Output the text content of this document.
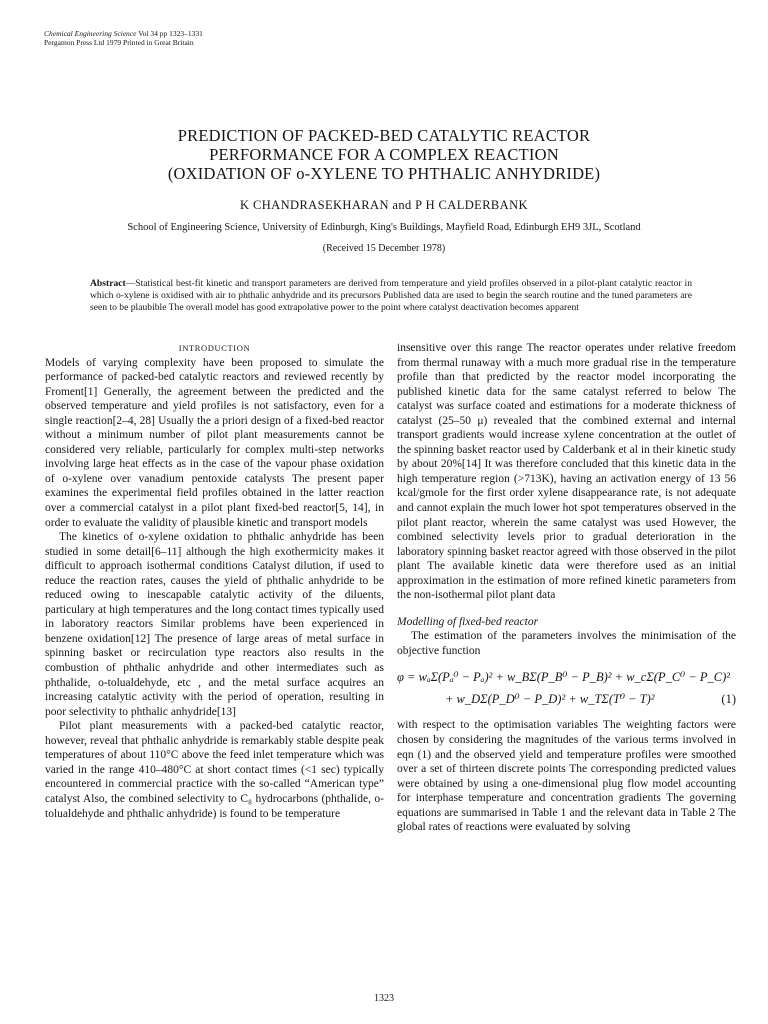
Chemical Engineering Science Vol 34 pp 1323–1331
Pergamon Press Ltd 1979 Printed in Great Britain
PREDICTION OF PACKED-BED CATALYTIC REACTOR
PERFORMANCE FOR A COMPLEX REACTION
(OXIDATION OF o-XYLENE TO PHTHALIC ANHYDRIDE)
K CHANDRASEKHARAN and P H CALDERBANK
School of Engineering Science, University of Edinburgh, King's Buildings, Mayfield Road, Edinburgh EH9 3JL, Scotland
(Received 15 December 1978)
Abstract—Statistical best-fit kinetic and transport parameters are derived from temperature and yield profiles observed in a pilot-plant catalytic reactor in which o-xylene is oxidised with air to phthalic anhydride and its precursors Published data are used to begin the search routine and the tuned parameters are seen to be plaubible The overall model has good extrapolative power to the point where catalyst deactivation becomes apparent

INTRODUCTION

Models of varying complexity have been proposed to simulate the performance of packed-bed catalytic reactors and reviewed recently by Froment[1] Generally, the agreement between the predicted and the observed temperature and yield profiles is not satisfactory, even for a single reaction[2–4, 28] Usually the a priori design of a fixed-bed reactor without a minimum number of pilot plant measurements cannot be considered very reliable, particularly for complex multi-step networks involving large heat effects as in the case of the vapour phase oxidation of o-xylene over vanadium pentoxide catalysts The present paper examines the experimental field profiles obtained in the latter reaction over a commercial catalyst in a pilot plant fixed-bed reactor[5, 14], in order to evaluate the validity of plausible kinetic and transport models

The kinetics of o-xylene oxidation to phthalic anhydride has been studied in some detail[6–11] although the high exothermicity makes it difficult to approach isothermal conditions Catalyst dilution, if used to reduce the reaction rates, causes the yield of phthalic anhydride to be reduced owing to inescapable catalytic activity of the diluents, particulary at high temperatures and the long contact times typically used in laboratory reactors Similar problems have been experienced in benzene oxidation[12] The presence of large areas of metal surface in spinning basket or recirculation type reactors also results in the combustion of phthalic anhydride and other intermediates such as phthalide, o-tolualdehyde, etc , and the metal surface acquires an increasing catalytic activity with the period of operation, resulting in poor selectivity to phthalic anhydride[13]

Pilot plant measurements with a packed-bed catalytic reactor, however, reveal that phthalic anhydride is remarkably stable despite peak temperatures of about 110°C above the feed inlet temperature which was varied in the range 410–480°C at short contact times (<1 sec) typically encountered in commercial practice with the so-called “American type” catalyst Also, the combined selectivity to C₈ hydrocarbons (phthalide, o-tolualdehyde and phthalic anhydride) is found to be temperature

insensitive over this range The reactor operates under relative freedom from thermal runaway with a much more gradual rise in the temperature profile than that predicted by the reactor model incorporating the published kinetic data for the same catalyst referred to below The catalyst was surface coated and estimations for a moderate thickness of catalyst (25–50 μ) revealed that the combined external and internal transport gradients would increase xylene concentration at the outlet of the spinning basket reactor used by Calderbank et al in their kinetic study by about 20%[14] It was therefore concluded that this kinetic data in the high temperature region (>713K), having an activation energy of 13 56 kcal/gmole for the first order xylene disappearance rate, is not adequate and cannot explain the much lower hot spot temperatures observed in the pilot plant reactor, wherein the same catalyst was used However, the combined selectivity levels prior to gradual deterioration in the laboratory spinning basket reactor agreed with those observed in the pilot plant The available kinetic data were therefore used as an initial approximation in the estimation of more refined kinetic parameters from the non-isothermal pilot plant data

Modelling of fixed-bed reactor

The estimation of the parameters involves the minimisation of the objective function

φ = wₐΣ(Pₐ⁰ − Pₐ)² + w_BΣ(P_B⁰ − P_B)² + w_cΣ(P_C⁰ − P_C)²
+ w_DΣ(P_D⁰ − P_D)² + w_TΣ(T⁰ − T)²	(1)

with respect to the optimisation variables The weighting factors were chosen by considering the magnitudes of the various terms involved in eqn (1) and the observed yield and temperature profiles were smoothed over a set of thirteen discrete points The corresponding predicted values were obtained by using a one-dimensional plug flow model accounting for interphase temperature and concentration gradients The governing equations are summarised in Table 1 and the relevant data in Table 2 The global rates of reactions were evaluated by solving

1323
